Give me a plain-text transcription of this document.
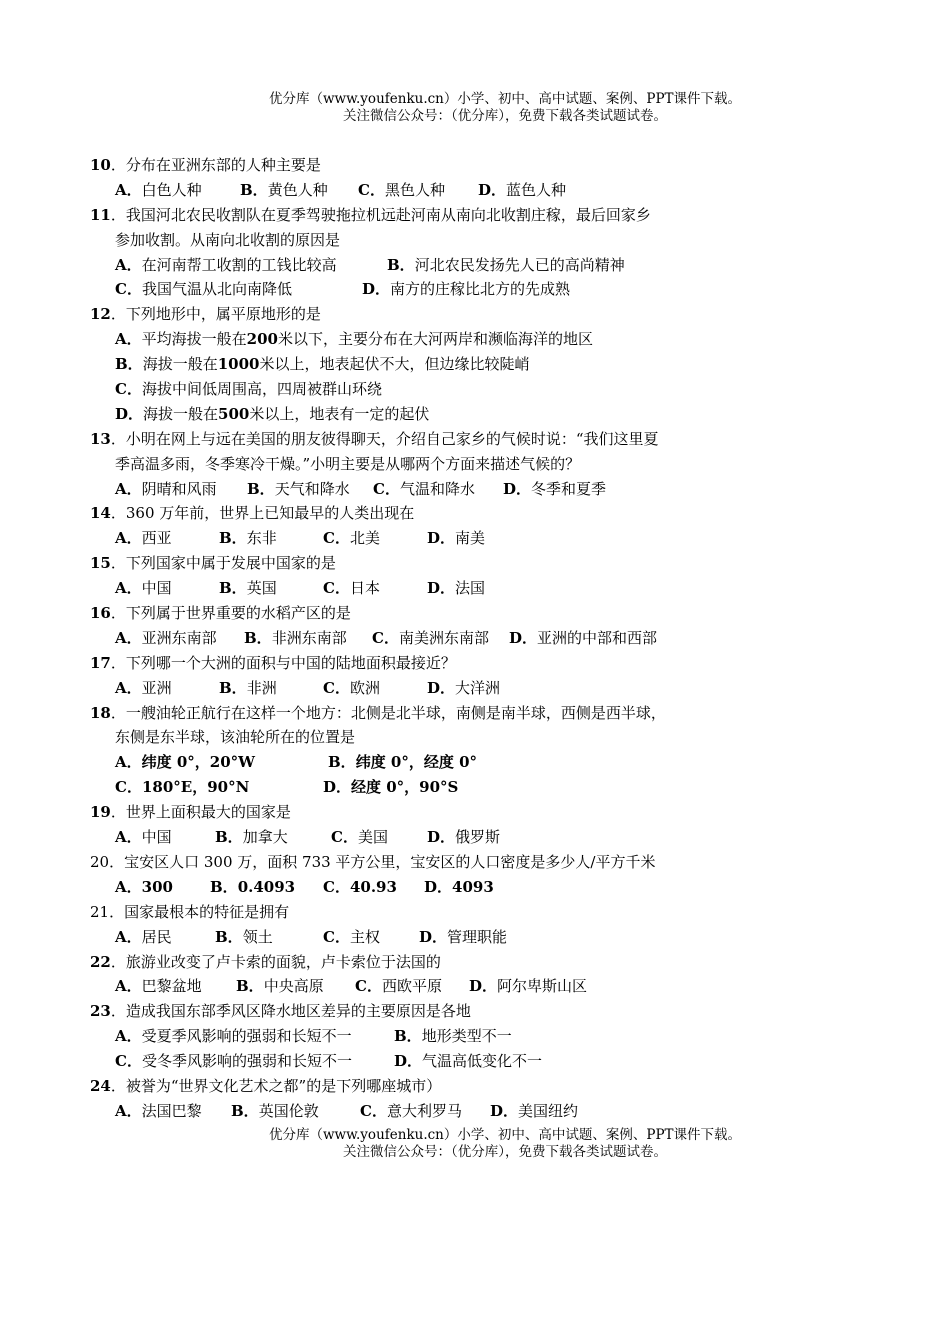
优分库（www.youfenku.cn）小学、初中、高中试题、案例、PPT课件下载。
关注微信公众号：（优分库），免费下载各类试题试卷。
10．分布在亚洲东部的人种主要是
A．白色人种	B．黄色人种 C．黑色人种 D．蓝色人种
11．我国河北农民收割队在夏季驾驶拖拉机远赴河南从南向北收割庄稼，最后回家乡
参加收割。从南向北收割的原因是
A．在河南帮工收割的工钱比较高	B．河北农民发扬先人已的高尚精神
C．我国气温从北向南降低	D．南方的庄稼比北方的先成熟
12．下列地形中，属平原地形的是
A．平均海拔一般在200米以下，主要分布在大河两岸和濒临海洋的地区
B．海拔一般在1000米以上，地表起伏不大，但边缘比较陡峭
C．海拔中间低周围高，四周被群山环绕
D．海拔一般在500米以上，地表有一定的起伏
13．小明在网上与远在美国的朋友彼得聊天，介绍自己家乡的气候时说：“我们这里夏
季高温多雨，冬季寒冷干燥。”小明主要是从哪两个方面来描述气候的？
A．阴晴和风雨 B．天气和降水 C．气温和降水 D．冬季和夏季
14．360 万年前，世界上已知最早的人类出现在
A．西亚	B．东非	C．北美	D．南美
15．下列国家中属于发展中国家的是
A．中国	B．英国	C．日本	D．法国
16．下列属于世界重要的水稻产区的是
A．亚洲东南部 B．非洲东南部 C．南美洲东南部 D．亚洲的中部和西部
17．下列哪一个大洲的面积与中国的陆地面积最接近？
A．亚洲	B．非洲	C．欧洲	D．大洋洲
18．一艘油轮正航行在这样一个地方：北侧是北半球，南侧是南半球，西侧是西半球，
东侧是东半球，该油轮所在的位置是
A．纬度 0°，20°W	B．纬度 0°，经度 0°
C．180°E，90°N	D．经度 0°，90°S
19．世界上面积最大的国家是
A．中国	B．加拿大	C．美国	D．俄罗斯
20．宝安区人口 300 万，面积 733 平方公里，宝安区的人口密度是多少人/平方千米
A．300 B．0.4093 C．40.93 D．4093
21．国家最根本的特征是拥有
A．居民	B．领土	C．主权	D．管理职能
22．旅游业改变了卢卡索的面貌，卢卡索位于法国的
A．巴黎盆地 B．中央高原 C．西欧平原 D．阿尔卑斯山区
23．造成我国东部季风区降水地区差异的主要原因是各地
A．受夏季风影响的强弱和长短不一	B．地形类型不一
C．受冬季风影响的强弱和长短不一	D．气温高低变化不一
24．被誉为“世界文化艺术之都”的是下列哪座城市）
A．法国巴黎 B．英国伦敦	C．意大利罗马 D．美国纽约
优分库（www.youfenku.cn）小学、初中、高中试题、案例、PPT课件下载。
关注微信公众号：（优分库），免费下载各类试题试卷。
